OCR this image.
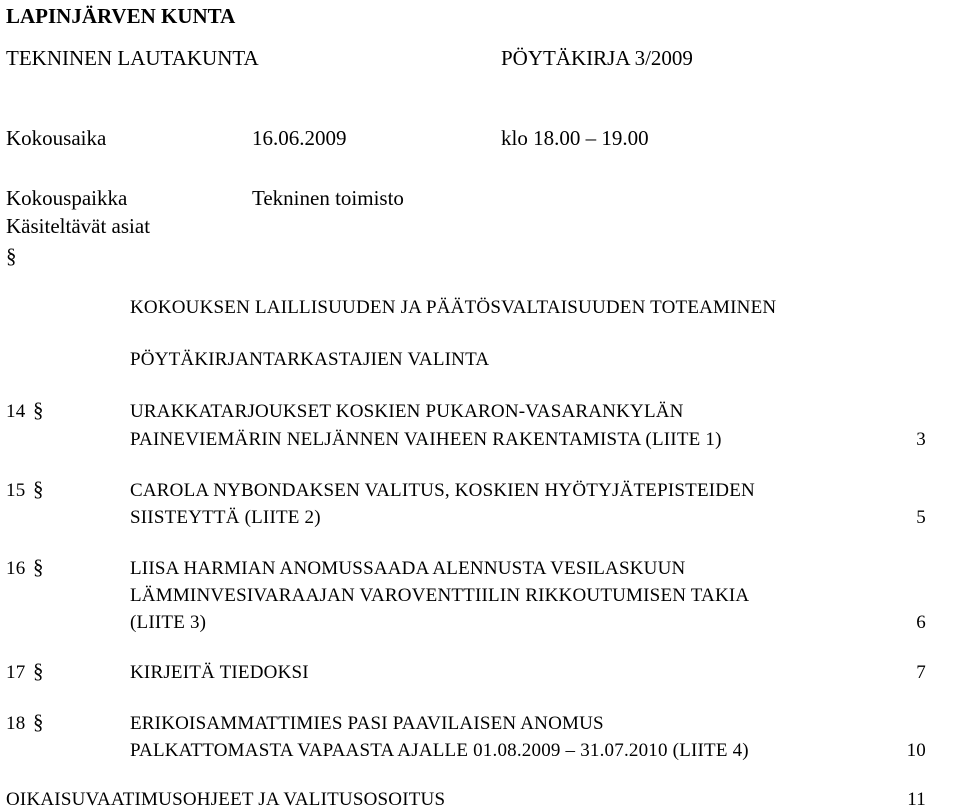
LAPINJÄRVEN KUNTA
TEKNINEN LAUTAKUNTA	PÖYTÄKIRJA 3/2009
Kokousaika	16.06.2009	klo 18.00 – 19.00
Kokouspaikka	Tekninen toimisto
Käsiteltävät asiat
§
KOKOUKSEN LAILLISUUDEN JA PÄÄTÖSVALTAISUUDEN TOTEAMINEN
PÖYTÄKIRJANTARKASTAJIEN VALINTA
14 §	URAKKATARJOUKSET KOSKIEN PUKARON-VASARANKYLÄN
PAINEVIEMÄRIN NELJÄNNEN VAIHEEN RAKENTAMISTA (LIITE 1)	3
15 §	CAROLA NYBONDAKSEN VALITUS, KOSKIEN HYÖTYJÄTEPISTEIDEN
SIISTEYTTÄ (LIITE 2)	5
16 §	LIISA HARMIAN ANOMUSSAADA ALENNUSTA VESILASKUUN
LÄMMINVESIVARAAJAN VAROVENTTIILIN RIKKOUTUMISEN TAKIA
(LIITE 3)	6
17 §	KIRJEITÄ TIEDOKSI	7
18 §	ERIKOISAMMATTIMIES PASI PAAVILAISEN ANOMUS
PALKATTOMASTA VAPAASTA AJALLE 01.08.2009 – 31.07.2010 (LIITE 4)	10
OIKAISUVAATIMUSOHJEET JA VALITUSOSOITUS	11
